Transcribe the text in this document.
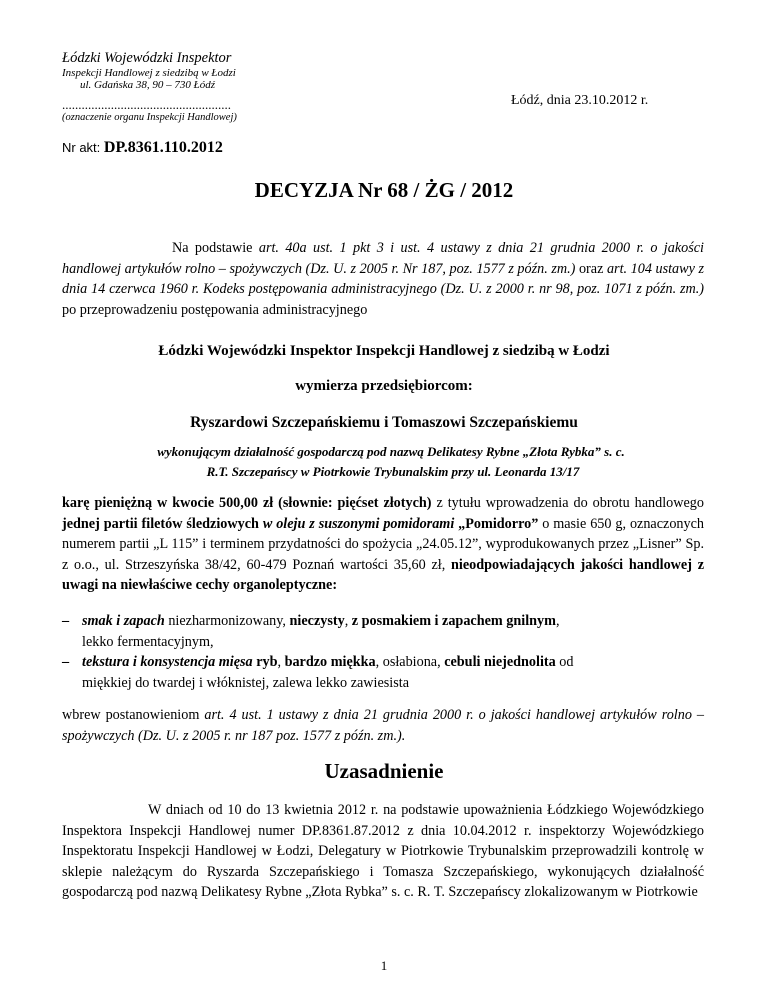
Łódzki Wojewódzki Inspektor
Inspekcji Handlowej z siedzibą w Łodzi
ul. Gdańska 38, 90 – 730 Łódź
....................................................
(oznaczenie organu Inspekcji Handlowej)
Łódź, dnia 23.10.2012 r.
Nr akt: DP.8361.110.2012
DECYZJA Nr 68 / ŻG / 2012
Na podstawie art. 40a ust. 1 pkt 3 i ust. 4 ustawy z dnia 21 grudnia 2000 r. o jakości handlowej artykułów rolno – spożywczych (Dz. U. z 2005 r. Nr 187, poz. 1577 z późn. zm.) oraz art. 104 ustawy z dnia 14 czerwca 1960 r. Kodeks postępowania administracyjnego (Dz. U. z 2000 r. nr 98, poz. 1071 z późn. zm.) po przeprowadzeniu postępowania administracyjnego
Łódzki Wojewódzki Inspektor Inspekcji Handlowej z siedzibą w Łodzi
wymierza przedsiębiorcom:
Ryszardowi Szczepańskiemu i Tomaszowi Szczepańskiemu
wykonującym działalność gospodarczą pod nazwą Delikatesy Rybne „Złota Rybka” s. c.
R.T. Szczepańscy w Piotrkowie Trybunalskim przy ul. Leonarda 13/17
karę pieniężną w kwocie 500,00 zł (słownie: pięćset złotych) z tytułu wprowadzenia do obrotu handlowego jednej partii filetów śledziowych w oleju z suszonymi pomidorami „Pomidorro” o masie 650 g, oznaczonych numerem partii „L 115” i terminem przydatności do spożycia „24.05.12”, wyprodukowanych przez „Lisner” Sp. z o.o., ul. Strzeszyńska 38/42, 60-479 Poznań wartości 35,60 zł, nieodpowiadających jakości handlowej z uwagi na niewłaściwe cechy organoleptyczne:
– smak i zapach niezharmonizowany, nieczysty, z posmakiem i zapachem gnilnym,
lekko fermentacyjnym,
– tekstura i konsystencja mięsa ryb, bardzo miękka, osłabiona, cebuli niejednolita od
miękkiej do twardej i włóknistej, zalewa lekko zawiesista
wbrew postanowieniom art. 4 ust. 1 ustawy z dnia 21 grudnia 2000 r. o jakości handlowej artykułów rolno – spożywczych (Dz. U. z 2005 r. nr 187 poz. 1577 z późn. zm.).
Uzasadnienie
W dniach od 10 do 13 kwietnia 2012 r. na podstawie upoważnienia Łódzkiego Wojewódzkiego Inspektora Inspekcji Handlowej numer DP.8361.87.2012 z dnia 10.04.2012 r. inspektorzy Wojewódzkiego Inspektoratu Inspekcji Handlowej w Łodzi, Delegatury w Piotrkowie Trybunalskim przeprowadzili kontrolę w sklepie należącym do Ryszarda Szczepańskiego i Tomasza Szczepańskiego, wykonujących działalność gospodarczą pod nazwą Delikatesy Rybne „Złota Rybka” s. c. R. T. Szczepańscy zlokalizowanym w Piotrkowie
1
